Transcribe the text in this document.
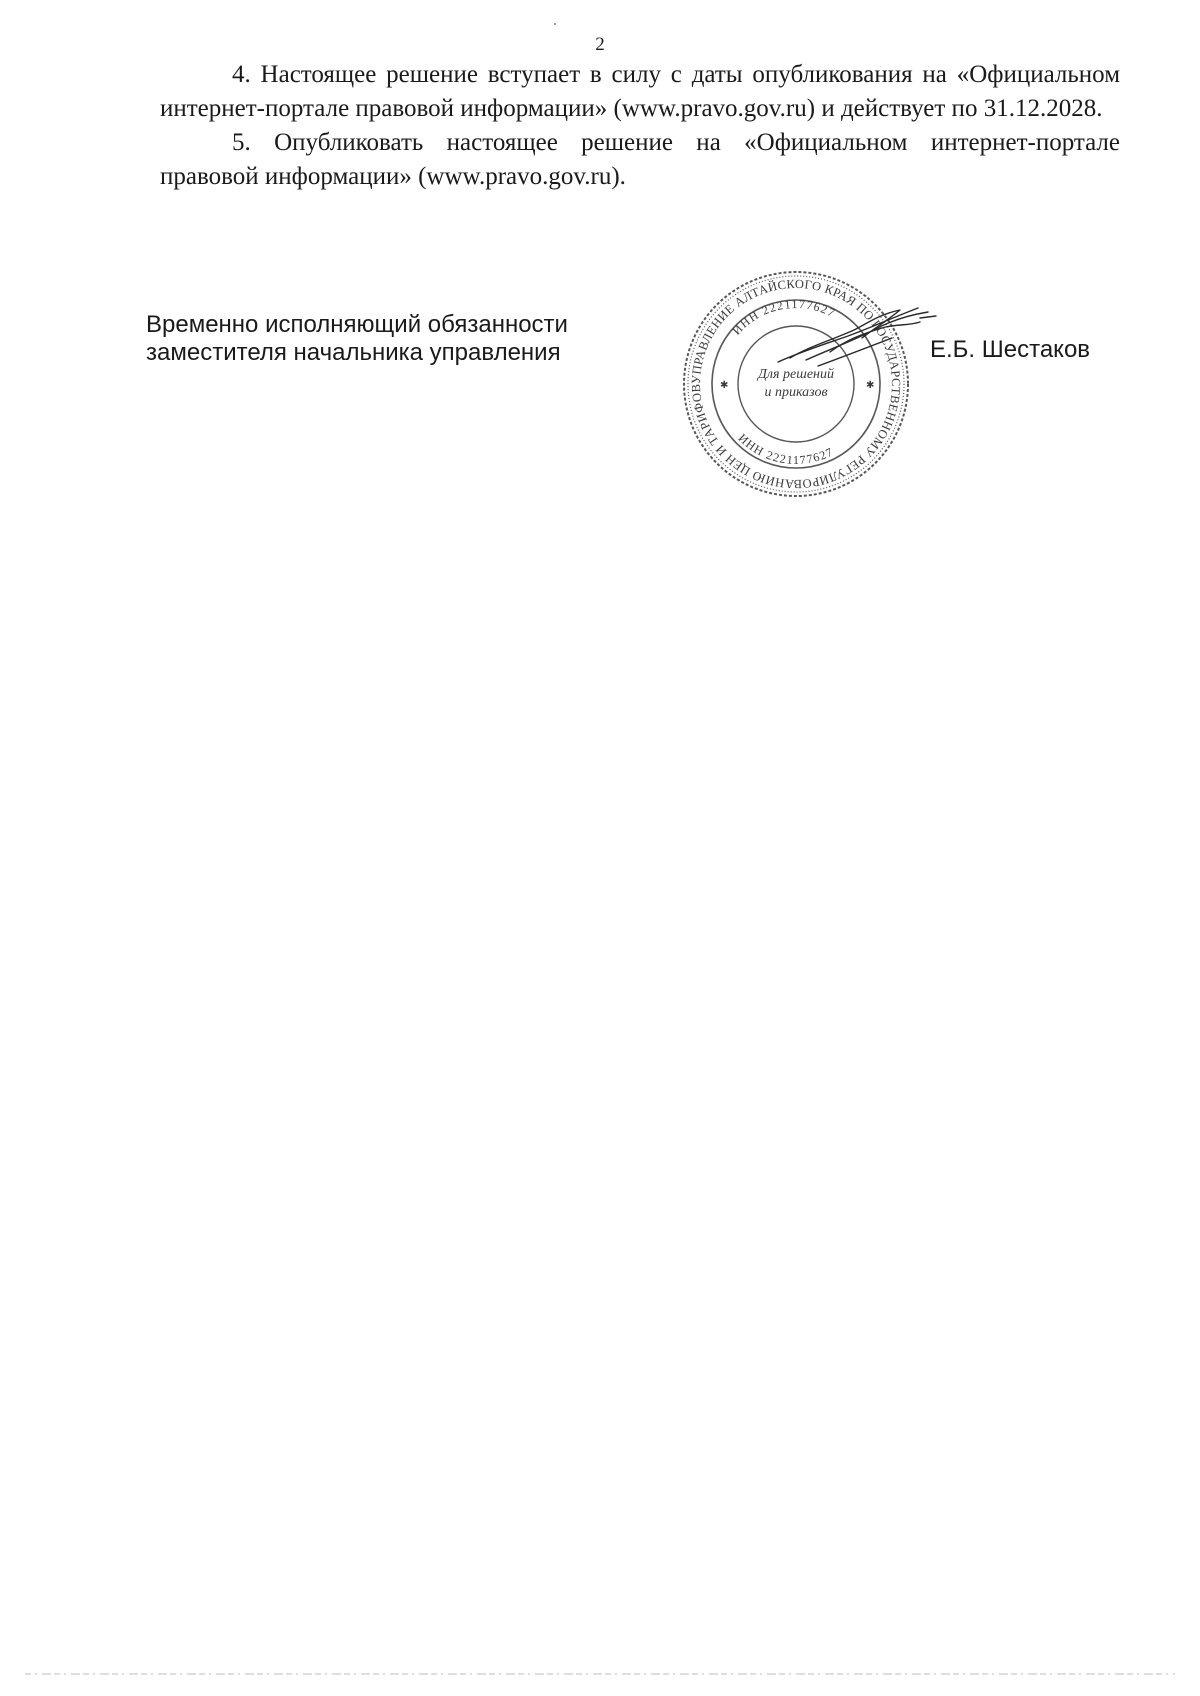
2

4. Настоящее решение вступает в силу с даты опубликования на «Официальном интернет-портале правовой информации» (www.pravo.gov.ru) и действует по 31.12.2028.

5. Опубликовать настоящее решение на «Официальном интернет-портале правовой информации» (www.pravo.gov.ru).

Временно исполняющий обязанности
заместителя начальника управления
УПРАВЛЕНИЕ АЛТАЙСКОГО КРАЯ ПО ГОСУДАРСТВЕННОМУ РЕГУЛИРОВАНИЮ ЦЕН И ТАРИФОВ
ИНН 2221177627
ИНН 2221177627
Для решений
и приказов
✱	✱
Е.Б. Шестаков
